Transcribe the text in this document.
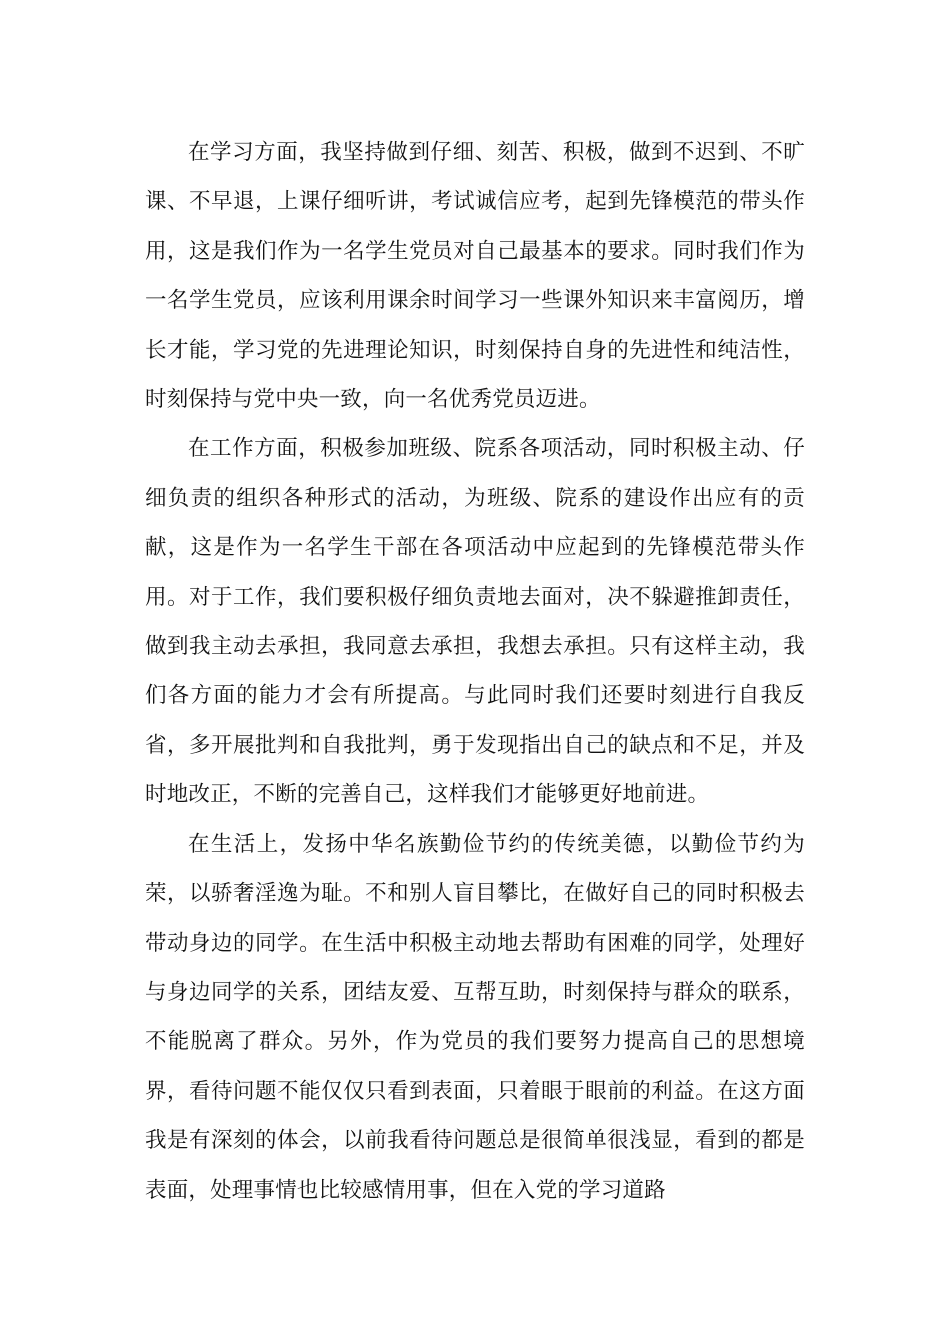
在学习方面，我坚持做到仔细、刻苦、积极，做到不迟到、不旷课、不早退，上课仔细听讲，考试诚信应考，起到先锋模范的带头作用，这是我们作为一名学生党员对自己最基本的要求。同时我们作为一名学生党员，应该利用课余时间学习一些课外知识来丰富阅历，增长才能，学习党的先进理论知识，时刻保持自身的先进性和纯洁性，时刻保持与党中央一致，向一名优秀党员迈进。

在工作方面，积极参加班级、院系各项活动，同时积极主动、仔细负责的组织各种形式的活动，为班级、院系的建设作出应有的贡献，这是作为一名学生干部在各项活动中应起到的先锋模范带头作用。对于工作，我们要积极仔细负责地去面对，决不躲避推卸责任，做到我主动去承担，我同意去承担，我想去承担。只有这样主动，我们各方面的能力才会有所提高。与此同时我们还要时刻进行自我反省，多开展批判和自我批判，勇于发现指出自己的缺点和不足，并及时地改正，不断的完善自己，这样我们才能够更好地前进。

在生活上，发扬中华名族勤俭节约的传统美德，以勤俭节约为荣，以骄奢淫逸为耻。不和别人盲目攀比，在做好自己的同时积极去带动身边的同学。在生活中积极主动地去帮助有困难的同学，处理好与身边同学的关系，团结友爱、互帮互助，时刻保持与群众的联系，不能脱离了群众。另外，作为党员的我们要努力提高自己的思想境界，看待问题不能仅仅只看到表面，只着眼于眼前的利益。在这方面我是有深刻的体会，以前我看待问题总是很简单很浅显，看到的都是表面，处理事情也比较感情用事，但在入党的学习道路
